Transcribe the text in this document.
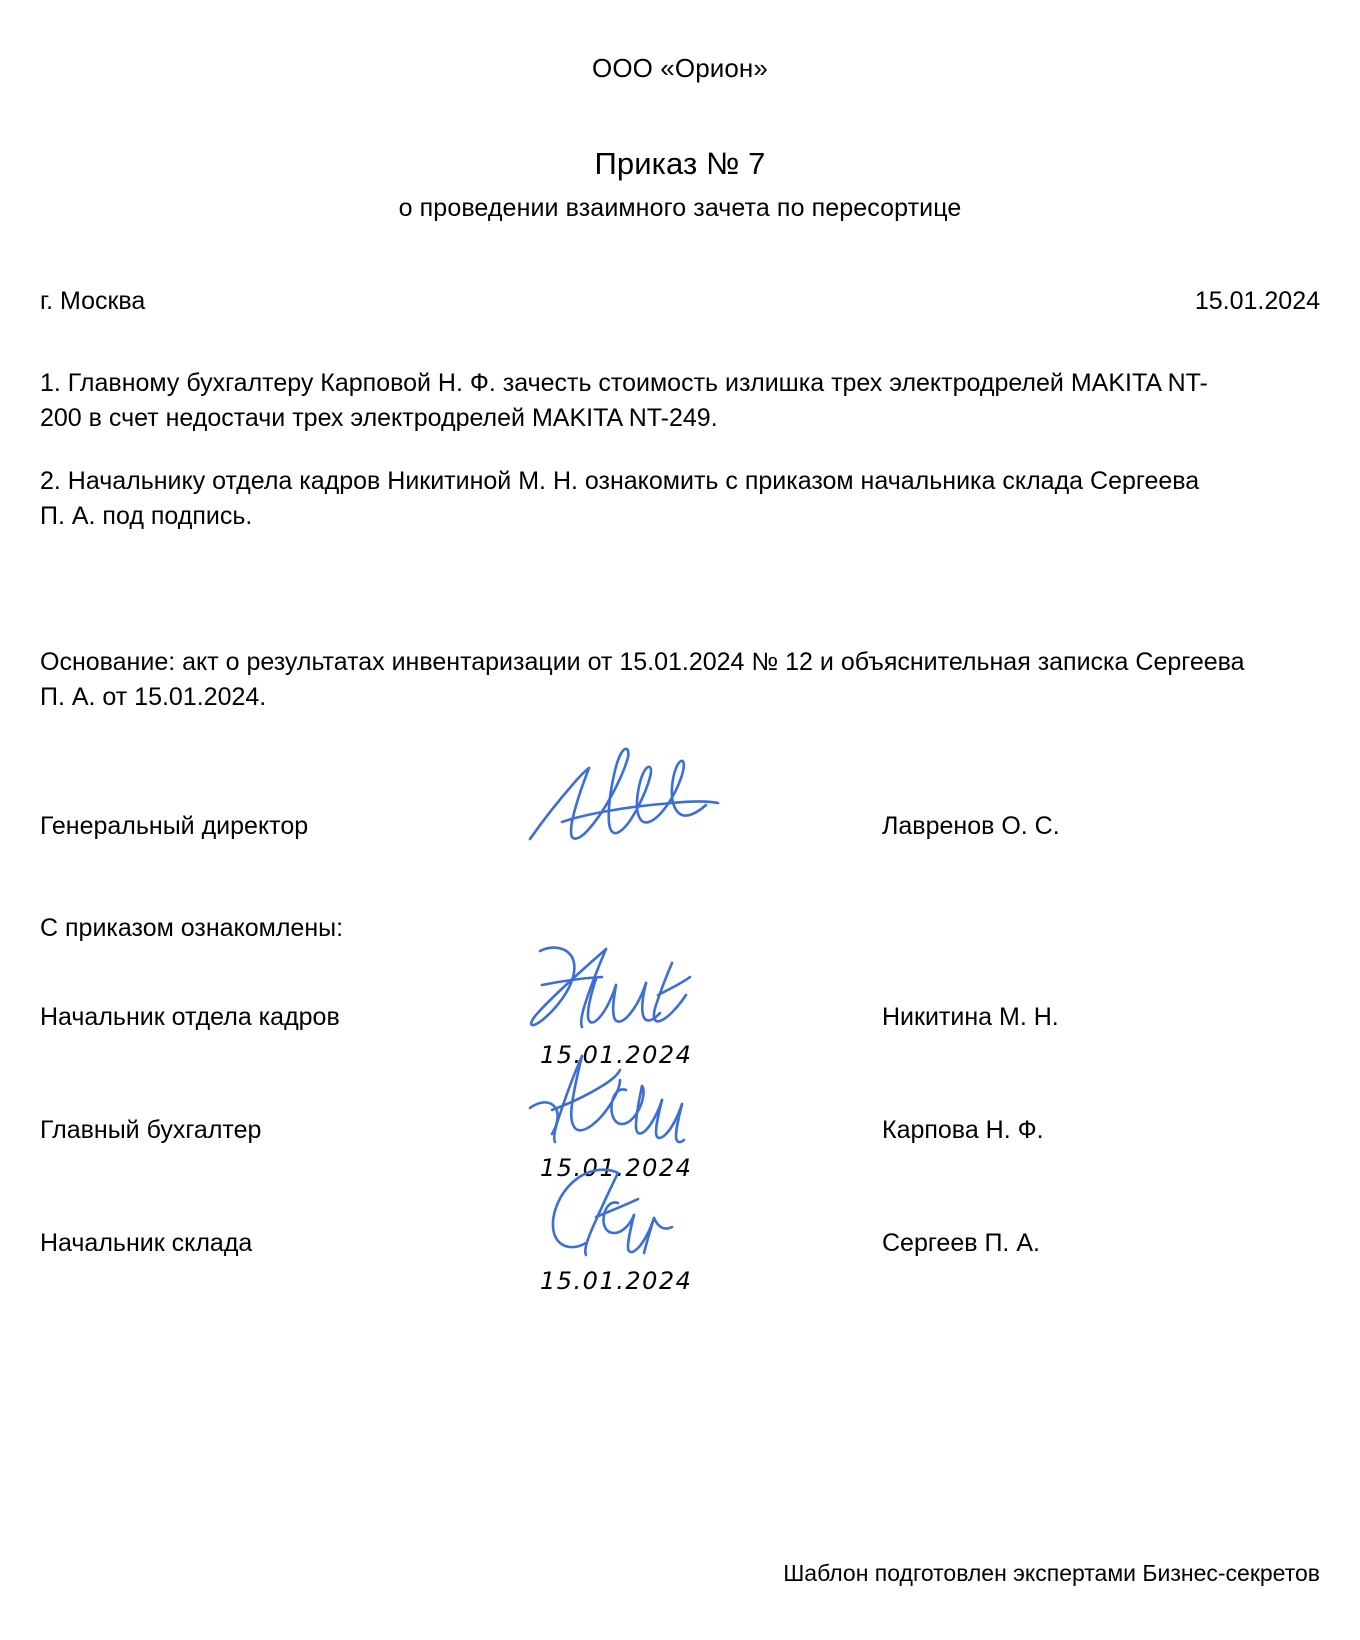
ООО «Орион»
Приказ № 7
о проведении взаимного зачета по пересортице
г. Москва	15.01.2024

1. Главному бухгалтеру Карповой Н. Ф. зачесть стоимость излишка трех электродрелей MAKITA NT-200 в счет недостачи трех электродрелей MAKITA NT-249.

2. Начальнику отдела кадров Никитиной М. Н. ознакомить с приказом начальника склада Сергеева П. А. под подпись.

Основание: акт о результатах инвентаризации от 15.01.2024 № 12 и объяснительная записка Сергеева П. А. от 15.01.2024.

Генеральный директор	Лавренов О. С.
С приказом ознакомлены:
Начальник отдела кадров
15.01.2024
Никитина М. Н.
Главный бухгалтер
15.01.2024
Карпова Н. Ф.
Начальник склада
15.01.2024
Сергеев П. А.
Шаблон подготовлен экспертами Бизнес-секретов
